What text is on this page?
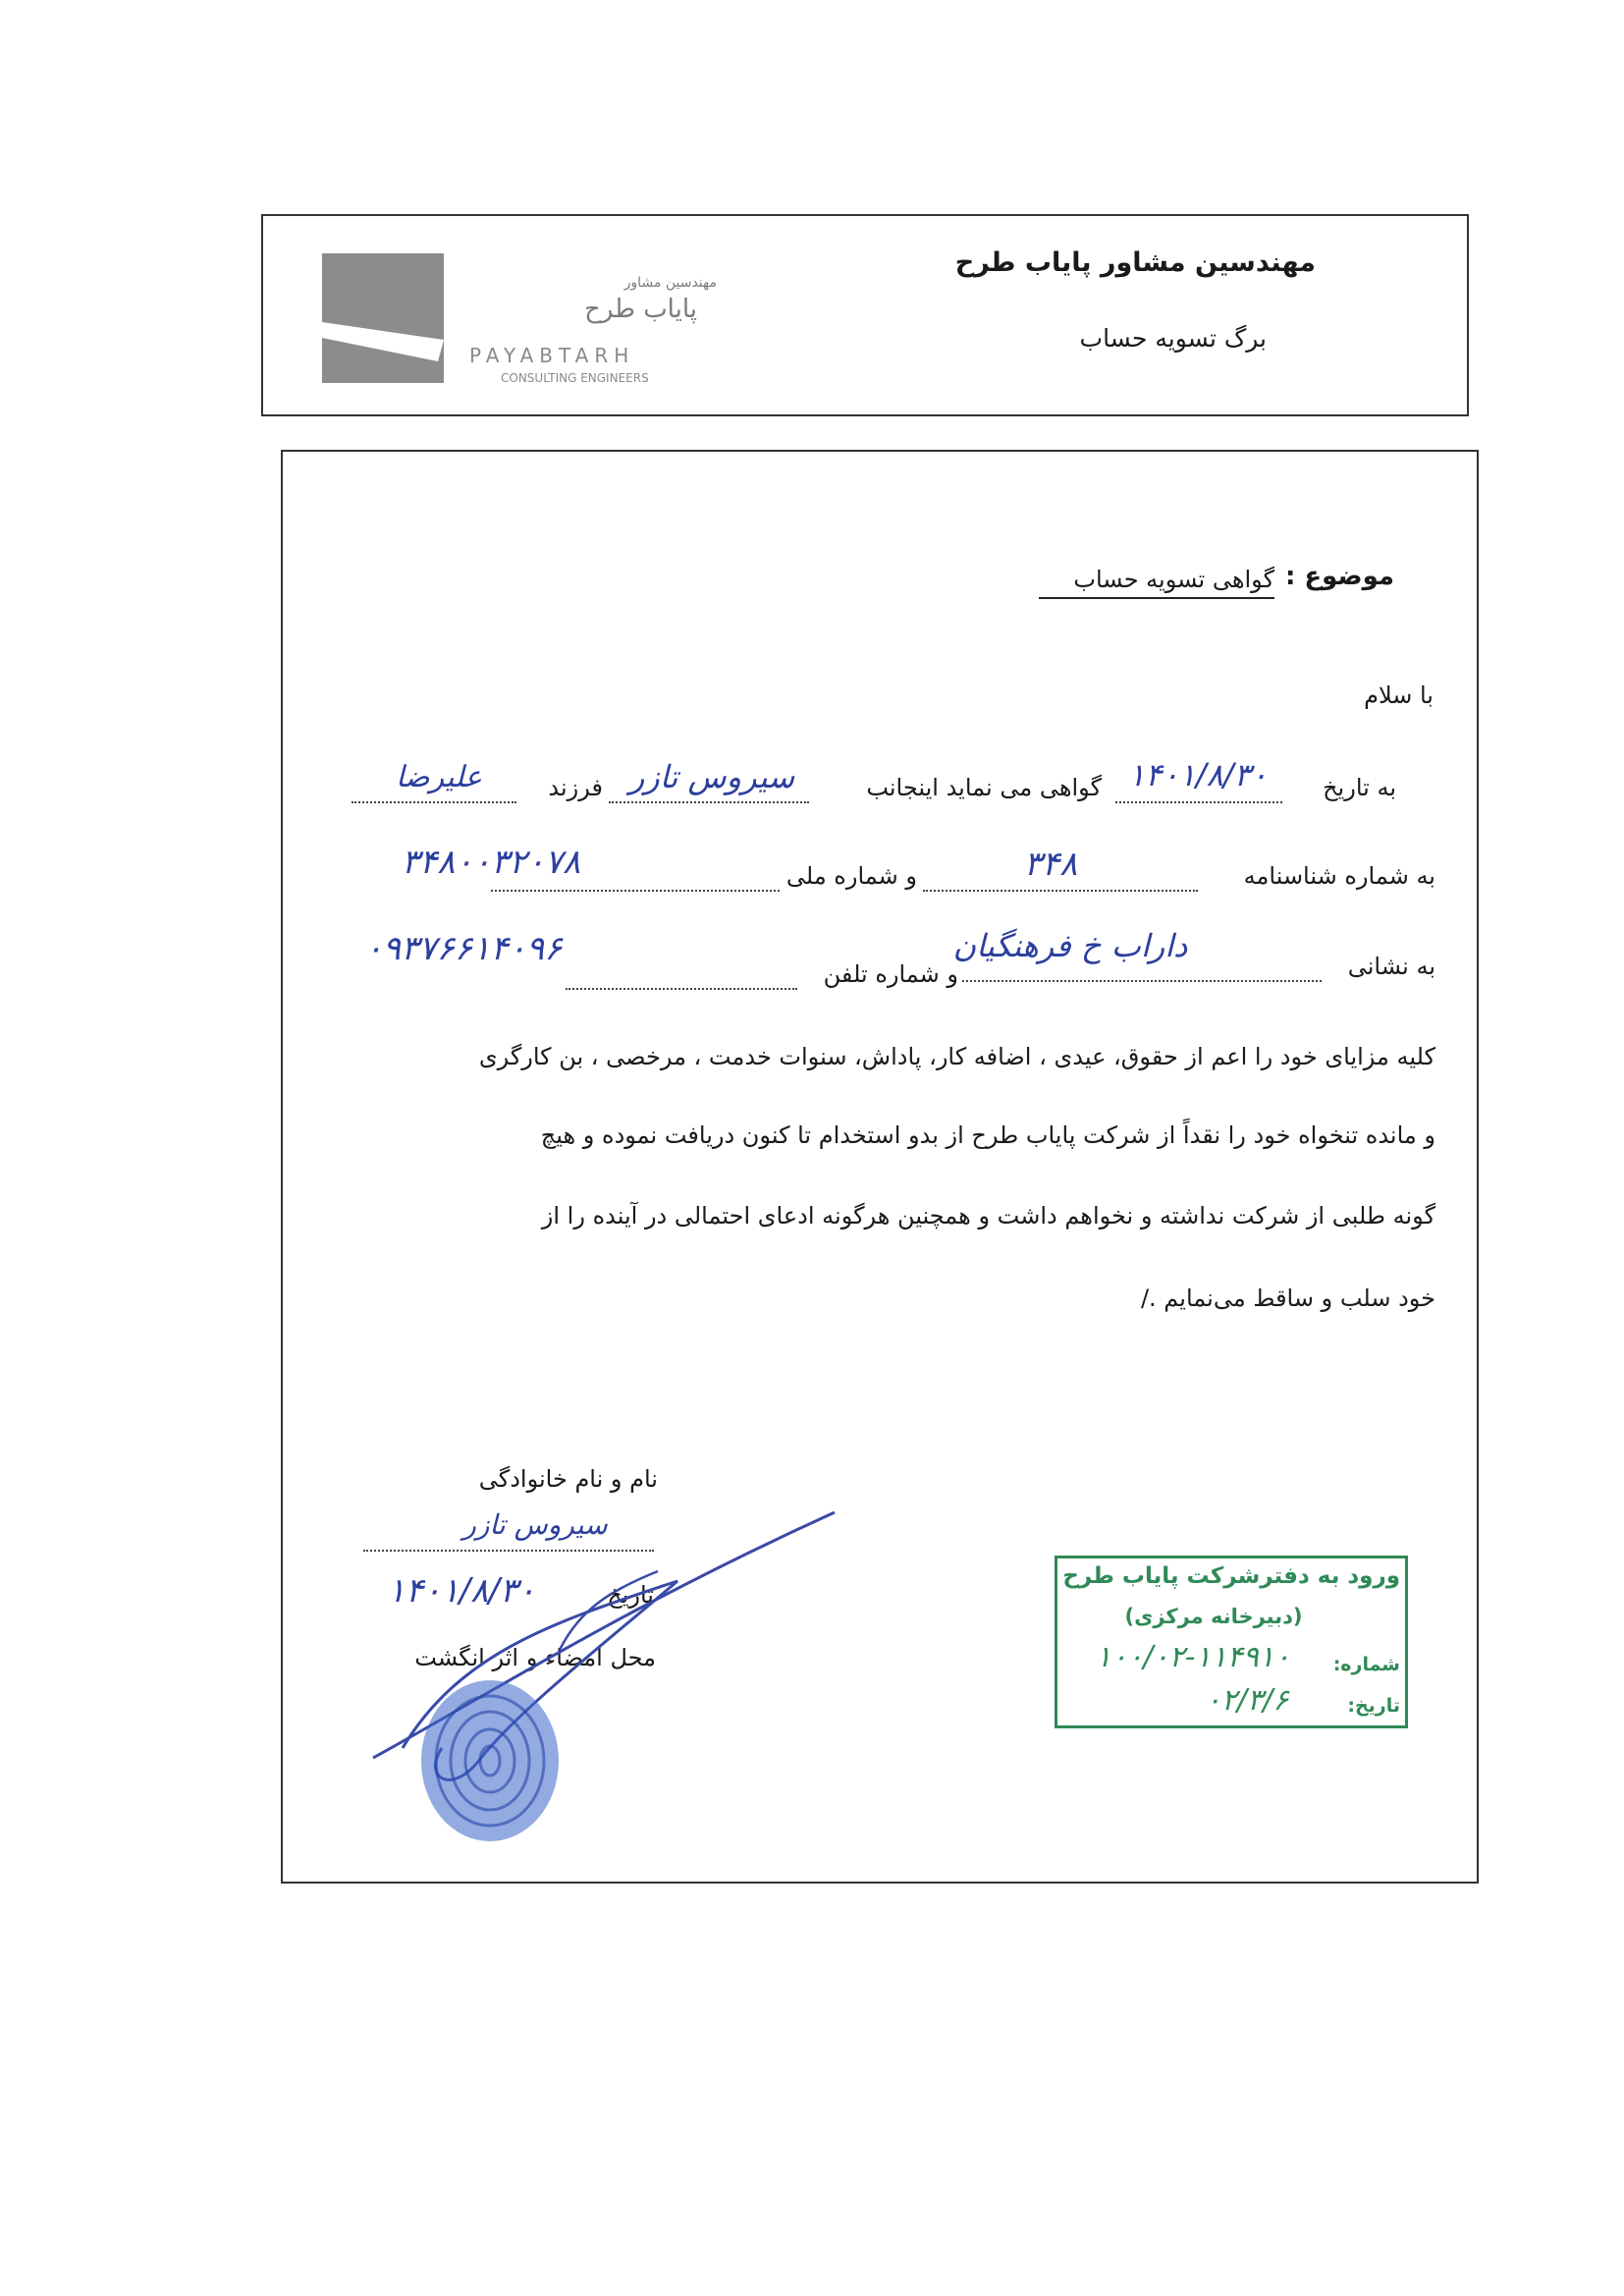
مهندسین مشاور
پایاب طرح
PAYABTARH
CONSULTING ENGINEERS
مهندسین مشاور پایاب طرح
برگ تسویه حساب
موضوع :
گواهی تسویه حساب
با سلام
به تاریخ
۱۴۰۱/۸/۳۰
گواهی می نماید اینجانب
سیروس تازر
فرزند
علیرضا
به شماره شناسنامه
۳۴۸
و شماره ملی
۳۴۸۰۰۳۲۰۷۸
به نشانی
داراب خ فرهنگیان
و شماره تلفن
۰۹۳۷۶۶۱۴۰۹۶
کلیه مزایای خود را اعم از حقوق، عیدی ، اضافه کار، پاداش، سنوات خدمت ، مرخصی ، بن کارگری
و مانده تنخواه خود را نقداً از شرکت پایاب طرح از بدو استخدام تا کنون دریافت نموده و هیچ
گونه طلبی از شرکت نداشته و نخواهم داشت و همچنین هرگونه ادعای احتمالی در آینده را از
خود سلب و ساقط می‌نمایم ./
نام و نام خانوادگی
سیروس تازر
تاریخ
۱۴۰۱/۸/۳۰
محل امضاء و اثر انگشت
ورود به دفترشرکت پایاب طرح
(دبیرخانه مرکزی)
شماره:
۱۰۰/۰۲-۱۱۴۹۱۰
تاریخ:
۰۲/۳/۶
